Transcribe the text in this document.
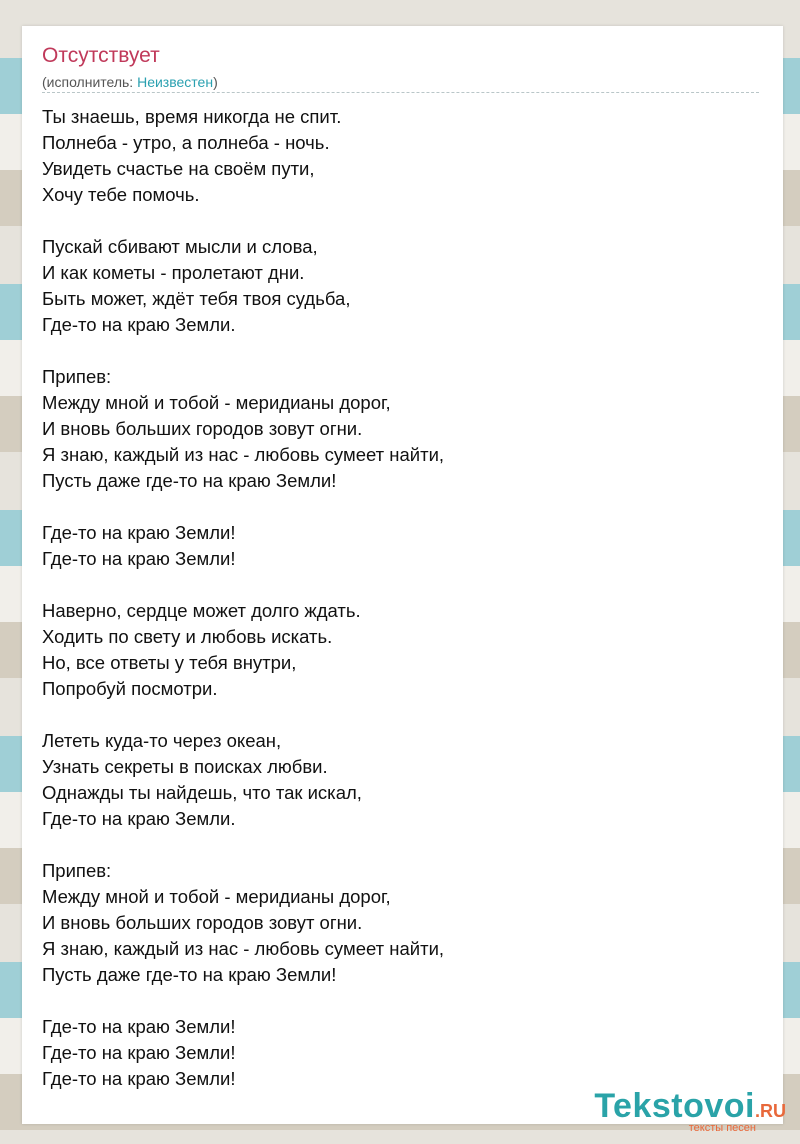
Отсутствует
(исполнитель: Неизвестен)
Ты знаешь, время никогда не спит.
Полнеба - утро, а полнеба - ночь.
Увидеть счастье на своём пути,
Хочу тебе помочь.
Пускай сбивают мысли и слова,
И как кометы - пролетают дни.
Быть может, ждёт тебя твоя судьба,
Где-то на краю Земли.
Припев:
Между мной и тобой - меридианы дорог,
И вновь больших городов зовут огни.
Я знаю, каждый из нас - любовь сумеет найти,
Пусть даже где-то на краю Земли!
Где-то на краю Земли!
Где-то на краю Земли!
Наверно, сердце может долго ждать.
Ходить по свету и любовь искать.
Но, все ответы у тебя внутри,
Попробуй посмотри.
Лететь куда-то через океан,
Узнать секреты в поисках любви.
Однажды ты найдешь, что так искал,
Где-то на краю Земли.
Припев:
Между мной и тобой - меридианы дорог,
И вновь больших городов зовут огни.
Я знаю, каждый из нас - любовь сумеет найти,
Пусть даже где-то на краю Земли!
Где-то на краю Земли!
Где-то на краю Земли!
Где-то на краю Земли!
Tekstovoi.RU
тексты песен
